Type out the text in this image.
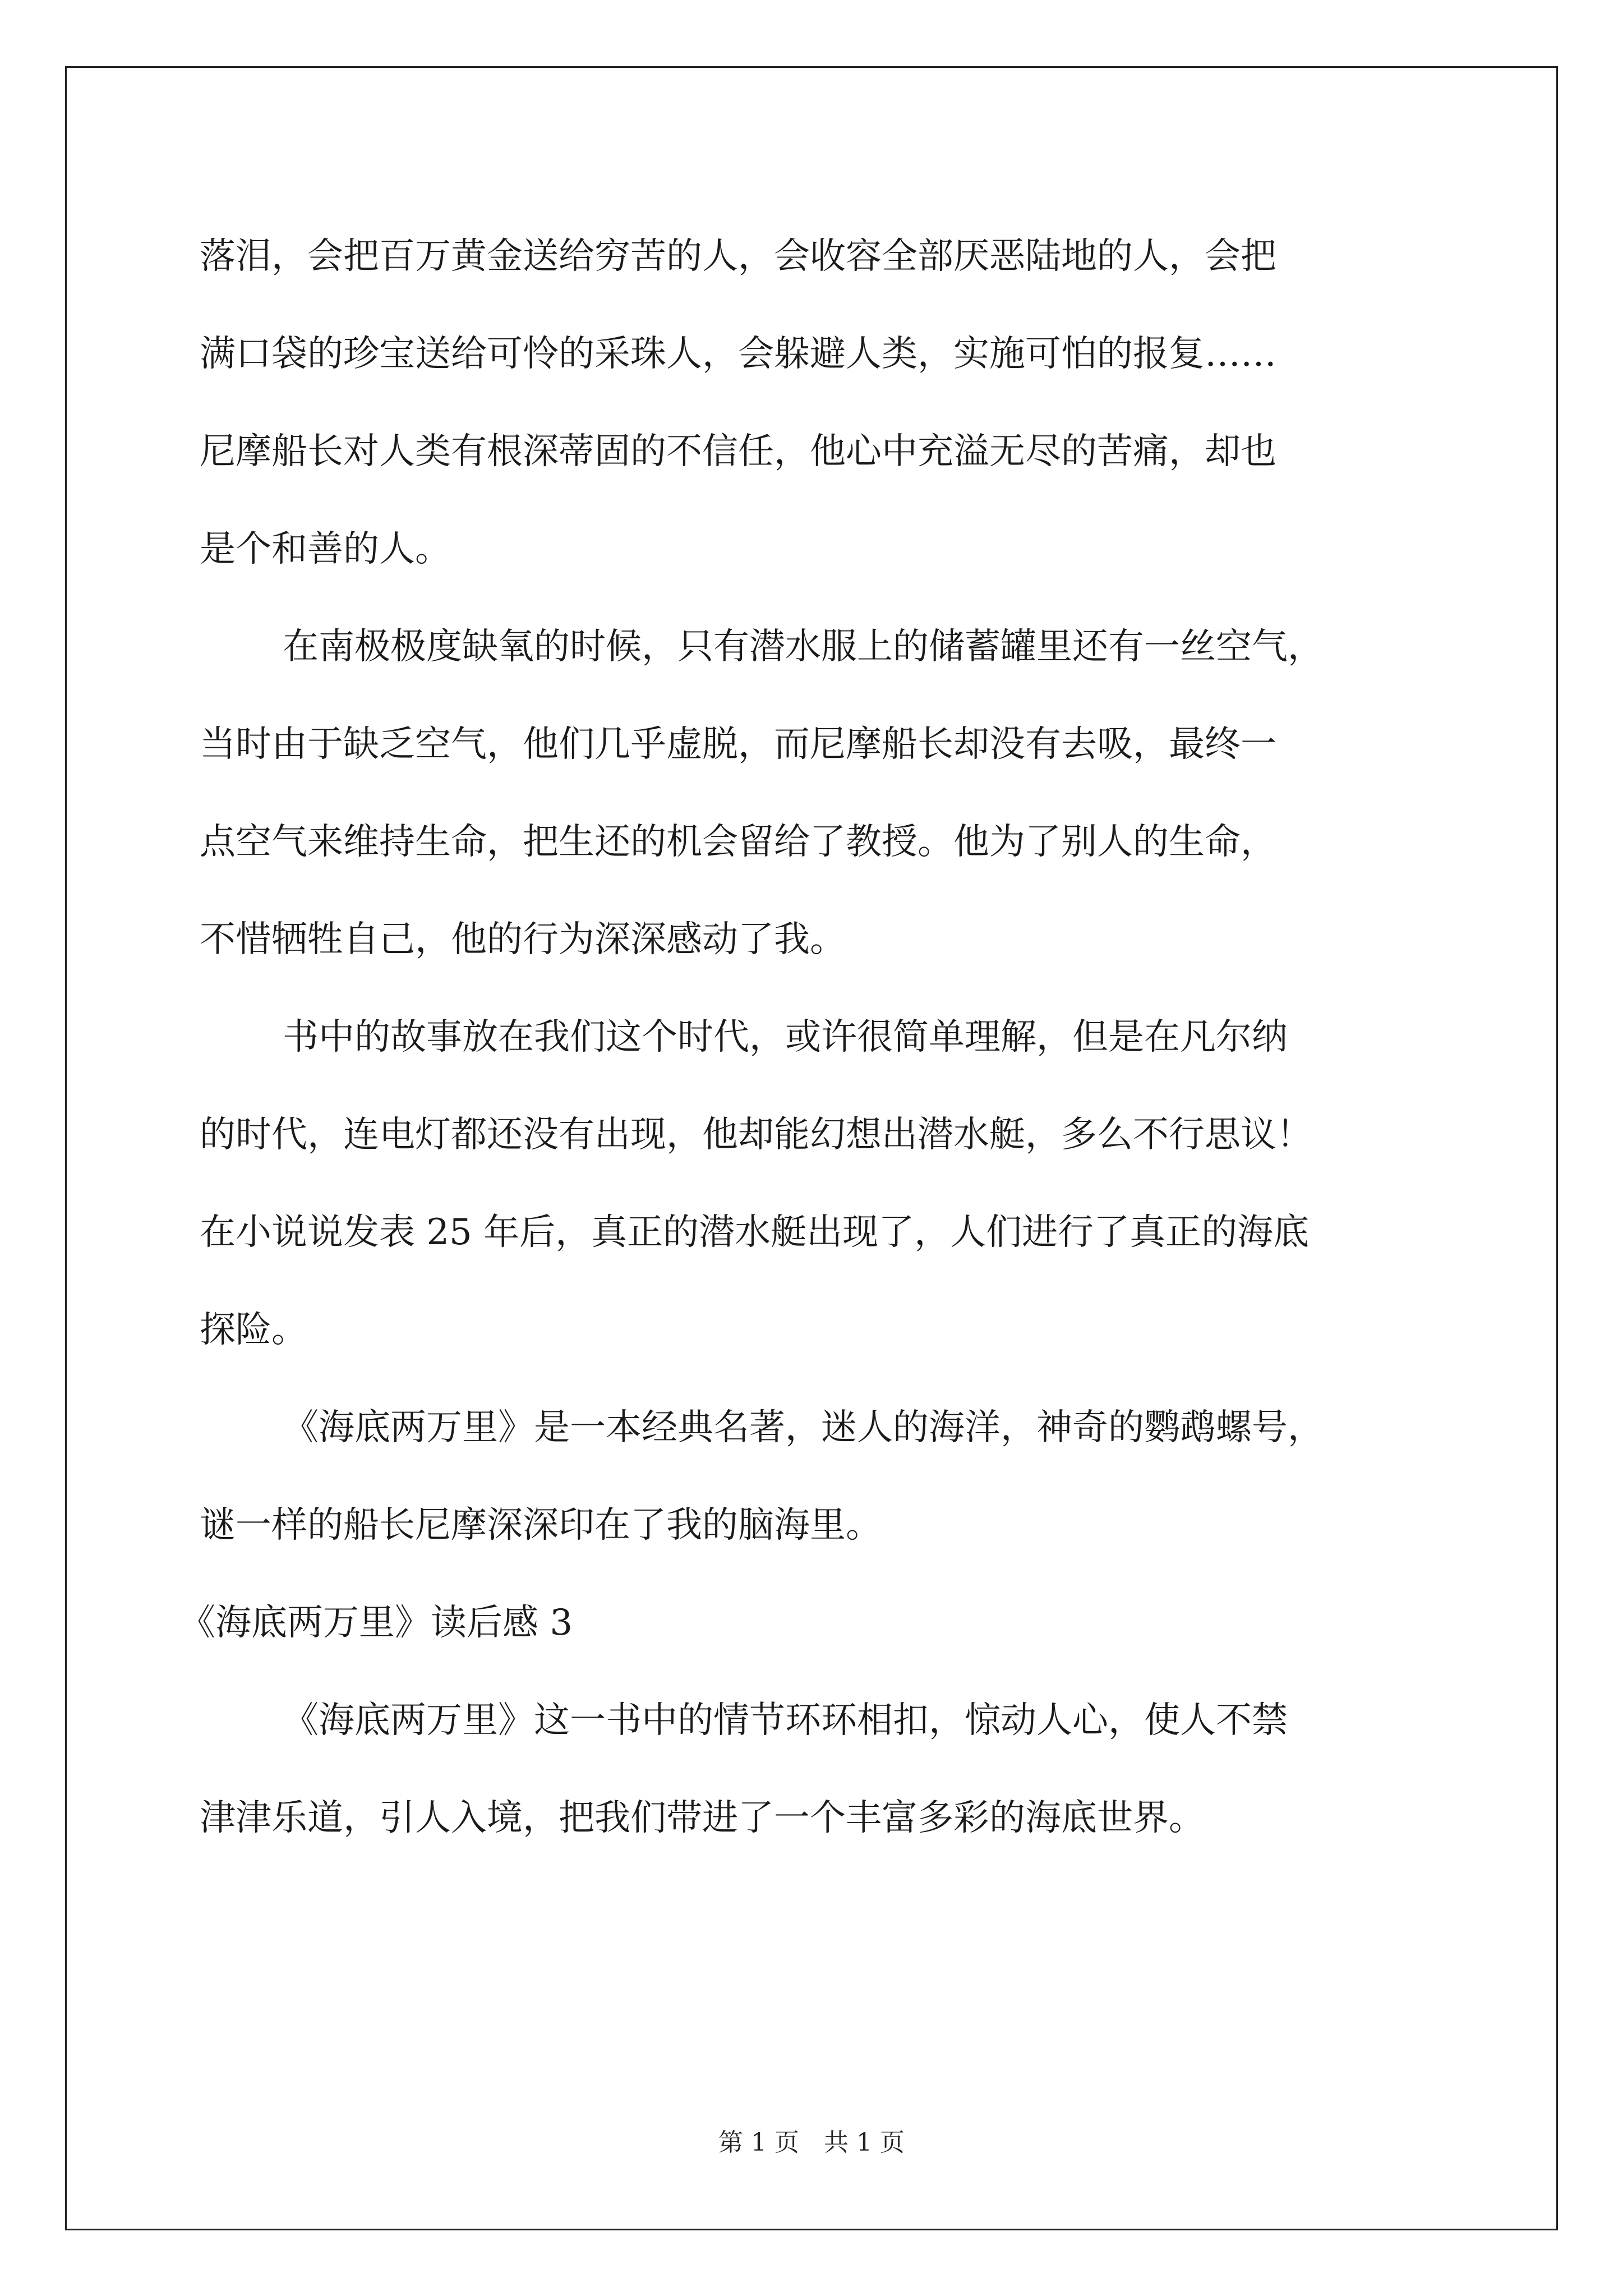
落泪，会把百万黄金送给穷苦的人，会收容全部厌恶陆地的人，会把
满口袋的珍宝送给可怜的采珠人，会躲避人类，实施可怕的报复……
尼摩船长对人类有根深蒂固的不信任，他心中充溢无尽的苦痛，却也
是个和善的人。
在南极极度缺氧的时候，只有潜水服上的储蓄罐里还有一丝空气，
当时由于缺乏空气，他们几乎虚脱，而尼摩船长却没有去吸，最终一
点空气来维持生命，把生还的机会留给了教授。他为了别人的生命，
不惜牺牲自己，他的行为深深感动了我。
书中的故事放在我们这个时代，或许很简单理解，但是在凡尔纳
的时代，连电灯都还没有出现，他却能幻想出潜水艇，多么不行思议！
在小说说发表 25 年后，真正的潜水艇出现了，人们进行了真正的海底
探险。
《海底两万里》是一本经典名著，迷人的海洋，神奇的鹦鹉螺号，
谜一样的船长尼摩深深印在了我的脑海里。
《海底两万里》读后感 3
《海底两万里》这一书中的情节环环相扣，惊动人心，使人不禁
津津乐道，引人入境，把我们带进了一个丰富多彩的海底世界。
第 1 页　共 1 页
